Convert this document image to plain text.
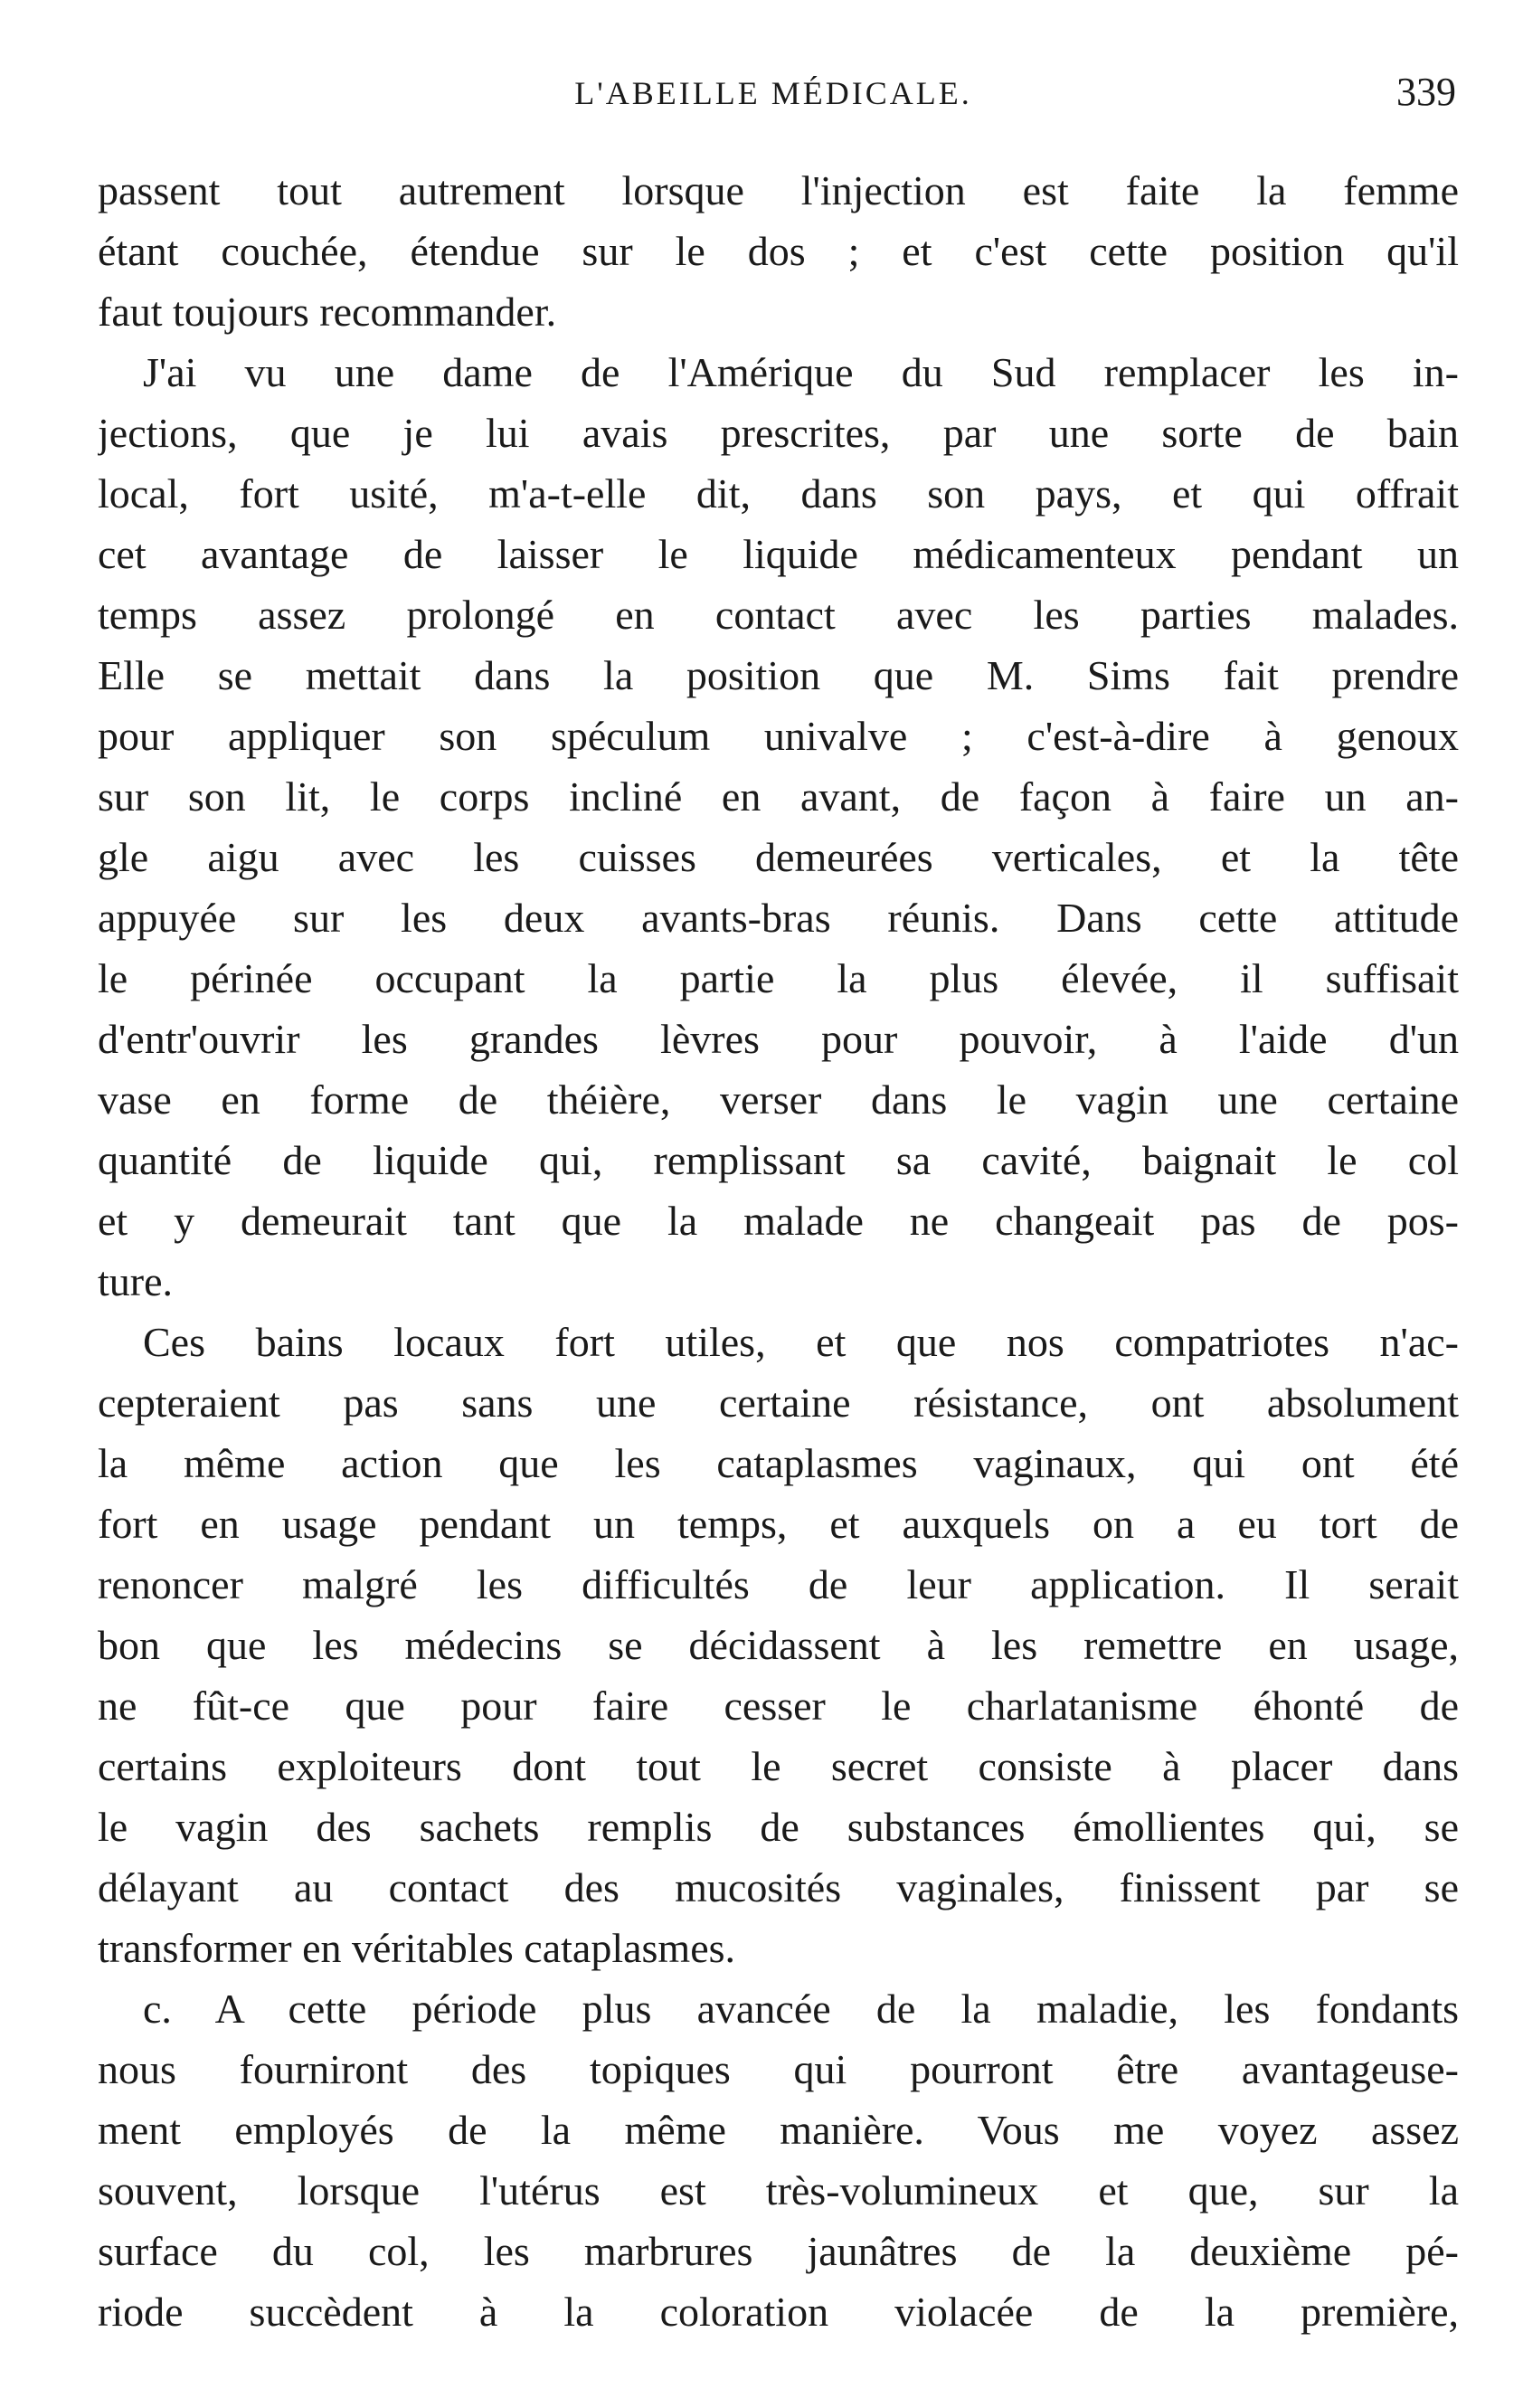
L'ABEILLE MÉDICALE.	339
passent tout autrement lorsque l'injection est faite la femme
étant couchée, étendue sur le dos ; et c'est cette position qu'il
faut toujours recommander.
J'ai vu une dame de l'Amérique du Sud remplacer les in-
jections, que je lui avais prescrites, par une sorte de bain
local, fort usité, m'a-t-elle dit, dans son pays, et qui offrait
cet avantage de laisser le liquide médicamenteux pendant un
temps assez prolongé en contact avec les parties malades.
Elle se mettait dans la position que M. Sims fait prendre
pour appliquer son spéculum univalve ; c'est-à-dire à genoux
sur son lit, le corps incliné en avant, de façon à faire un an-
gle aigu avec les cuisses demeurées verticales, et la tête
appuyée sur les deux avants-bras réunis. Dans cette attitude
le périnée occupant la partie la plus élevée, il suffisait
d'entr'ouvrir les grandes lèvres pour pouvoir, à l'aide d'un
vase en forme de théière, verser dans le vagin une certaine
quantité de liquide qui, remplissant sa cavité, baignait le col
et y demeurait tant que la malade ne changeait pas de pos-
ture.
Ces bains locaux fort utiles, et que nos compatriotes n'ac-
cepteraient pas sans une certaine résistance, ont absolument
la même action que les cataplasmes vaginaux, qui ont été
fort en usage pendant un temps, et auxquels on a eu tort de
renoncer malgré les difficultés de leur application. Il serait
bon que les médecins se décidassent à les remettre en usage,
ne fût-ce que pour faire cesser le charlatanisme éhonté de
certains exploiteurs dont tout le secret consiste à placer dans
le vagin des sachets remplis de substances émollientes qui, se
délayant au contact des mucosités vaginales, finissent par se
transformer en véritables cataplasmes.
c. A cette période plus avancée de la maladie, les fondants
nous fourniront des topiques qui pourront être avantageuse-
ment employés de la même manière. Vous me voyez assez
souvent, lorsque l'utérus est très-volumineux et que, sur la
surface du col, les marbrures jaunâtres de la deuxième pé-
riode succèdent à la coloration violacée de la première,
